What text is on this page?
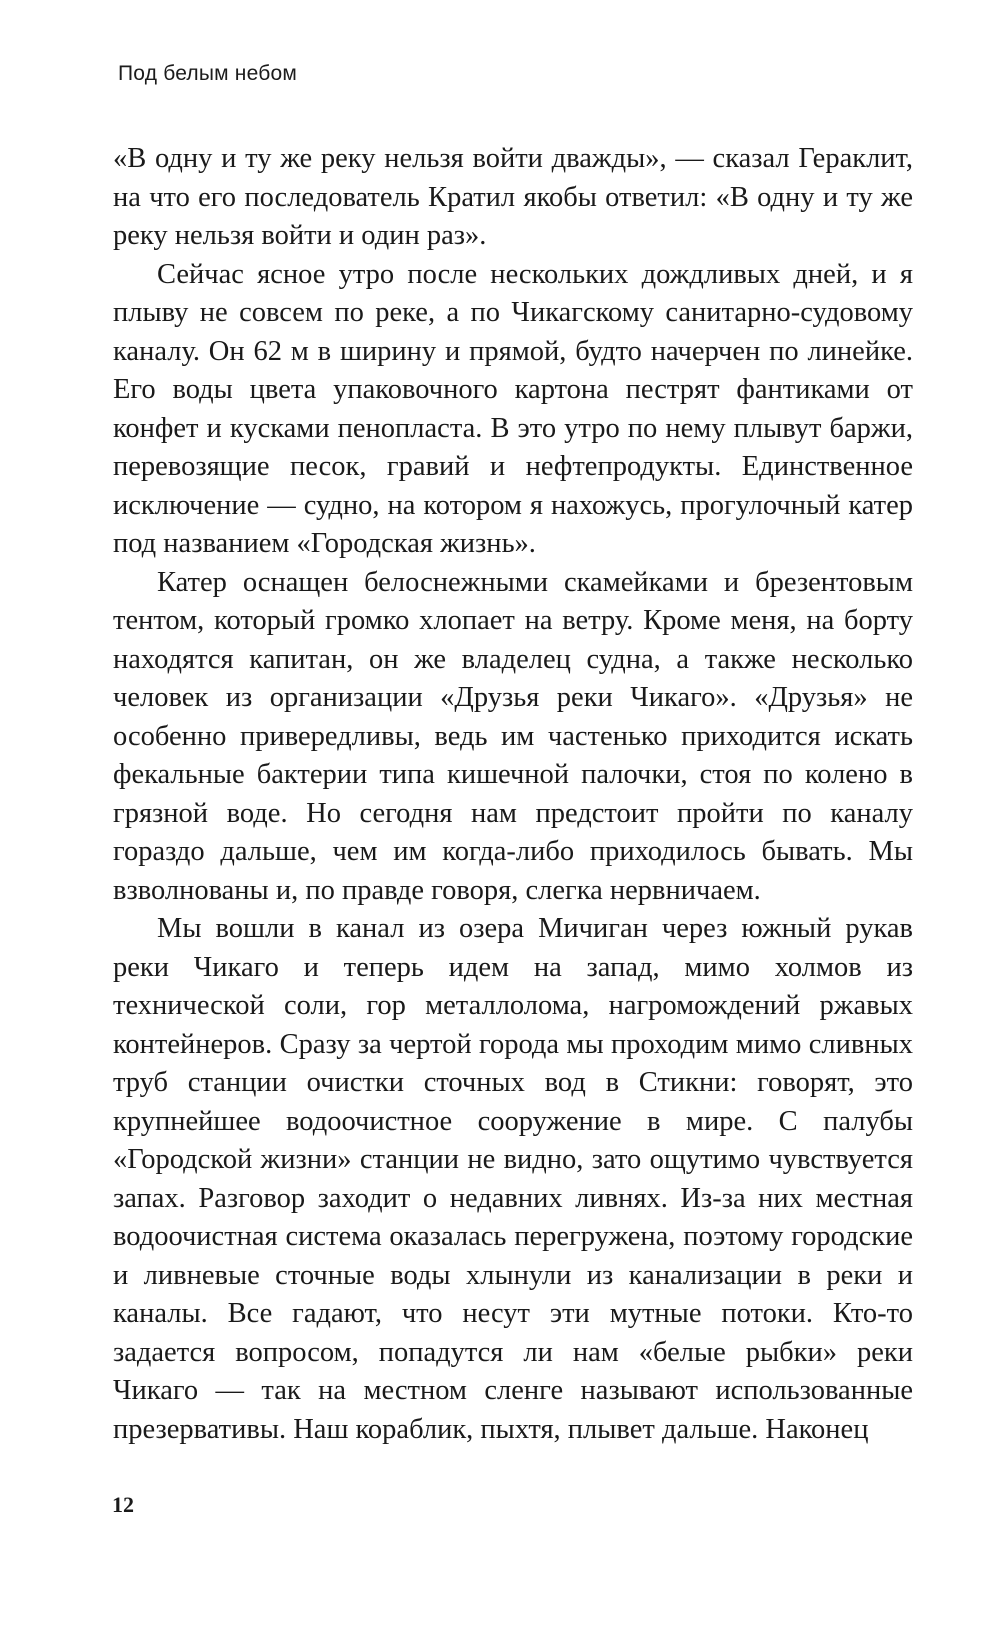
Под белым небом

«В одну и ту же реку нельзя войти дважды», — сказал Гераклит, на что его последователь Кратил якобы ответил: «В одну и ту же реку нельзя войти и один раз».

Сейчас ясное утро после нескольких дождливых дней, и я плыву не совсем по реке, а по Чикагскому санитарно-судовому каналу. Он 62 м в ширину и прямой, будто начерчен по линейке. Его воды цвета упаковочного картона пестрят фантиками от конфет и кусками пенопласта. В это утро по нему плывут баржи, перевозящие песок, гравий и нефтепродукты. Единственное исключение — судно, на котором я нахожусь, прогулочный катер под названием «Городская жизнь».

Катер оснащен белоснежными скамейками и брезентовым тентом, который громко хлопает на ветру. Кроме меня, на борту находятся капитан, он же владелец судна, а также несколько человек из организации «Друзья реки Чикаго». «Друзья» не особенно привередливы, ведь им частенько приходится искать фекальные бактерии типа кишечной палочки, стоя по колено в грязной воде. Но сегодня нам предстоит пройти по каналу гораздо дальше, чем им когда-либо приходилось бывать. Мы взволнованы и, по правде говоря, слегка нервничаем.

Мы вошли в канал из озера Мичиган через южный рукав реки Чикаго и теперь идем на запад, мимо холмов из технической соли, гор металлолома, нагромождений ржавых контейнеров. Сразу за чертой города мы проходим мимо сливных труб станции очистки сточных вод в Стикни: говорят, это крупнейшее водоочистное сооружение в мире. С палубы «Городской жизни» станции не видно, зато ощутимо чувствуется запах. Разговор заходит о недавних ливнях. Из-за них местная водоочистная система оказалась перегружена, поэтому городские и ливневые сточные воды хлынули из канализации в реки и каналы. Все гадают, что несут эти мутные потоки. Кто-то задается вопросом, попадутся ли нам «белые рыбки» реки Чикаго — так на местном сленге называют использованные презервативы. Наш кораблик, пыхтя, плывет дальше. Наконец

12
